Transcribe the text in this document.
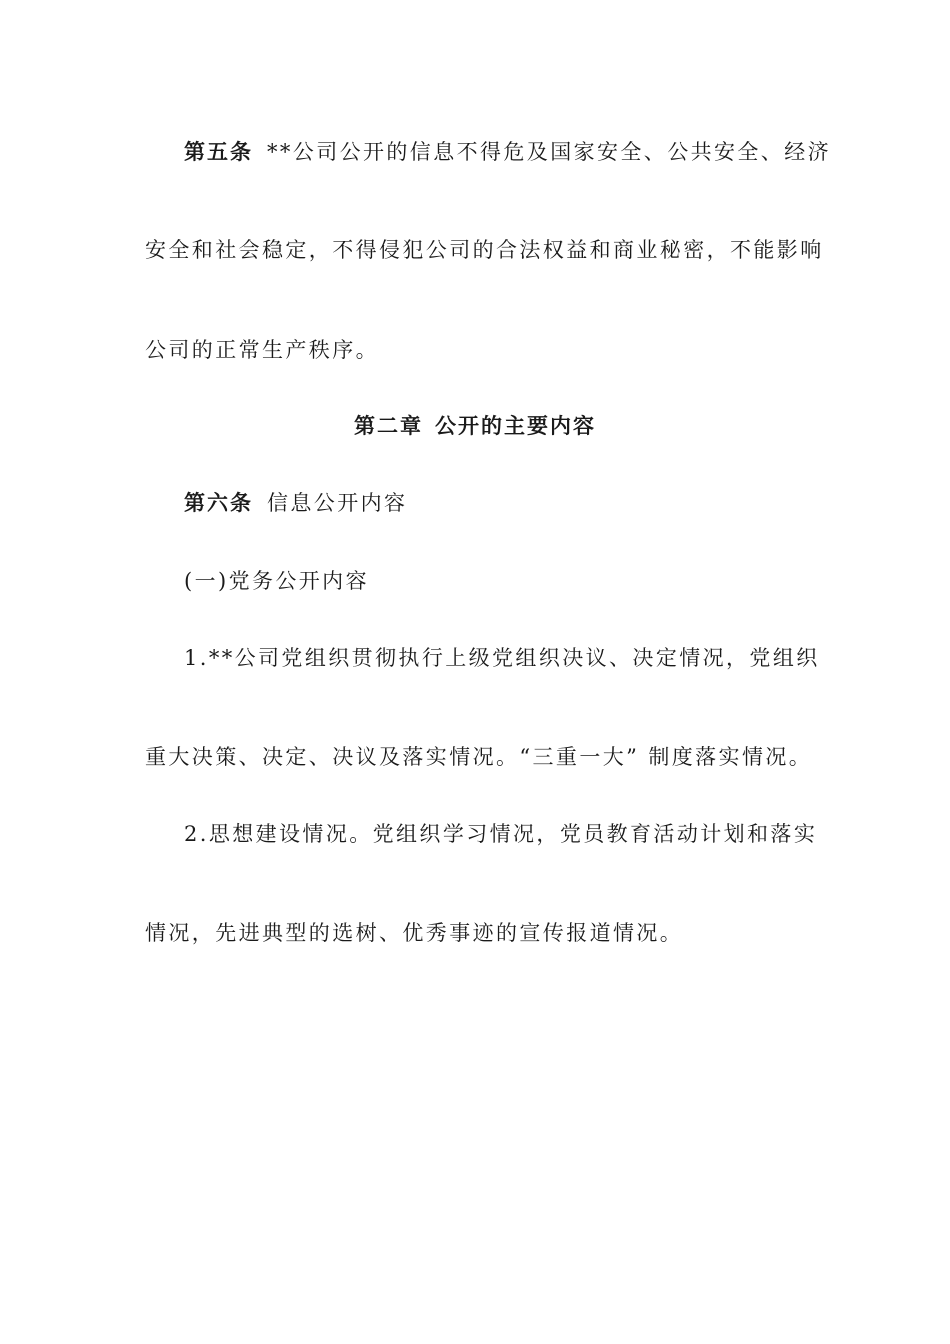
第五条 **公司公开的信息不得危及国家安全、公共安全、经济
安全和社会稳定，不得侵犯公司的合法权益和商业秘密，不能影响
公司的正常生产秩序。
第二章 公开的主要内容
第六条 信息公开内容
(一)党务公开内容
1.**公司党组织贯彻执行上级党组织决议、决定情况，党组织
重大决策、决定、决议及落实情况。“三重一大” 制度落实情况。
2.思想建设情况。党组织学习情况，党员教育活动计划和落实
情况，先进典型的选树、优秀事迹的宣传报道情况。
